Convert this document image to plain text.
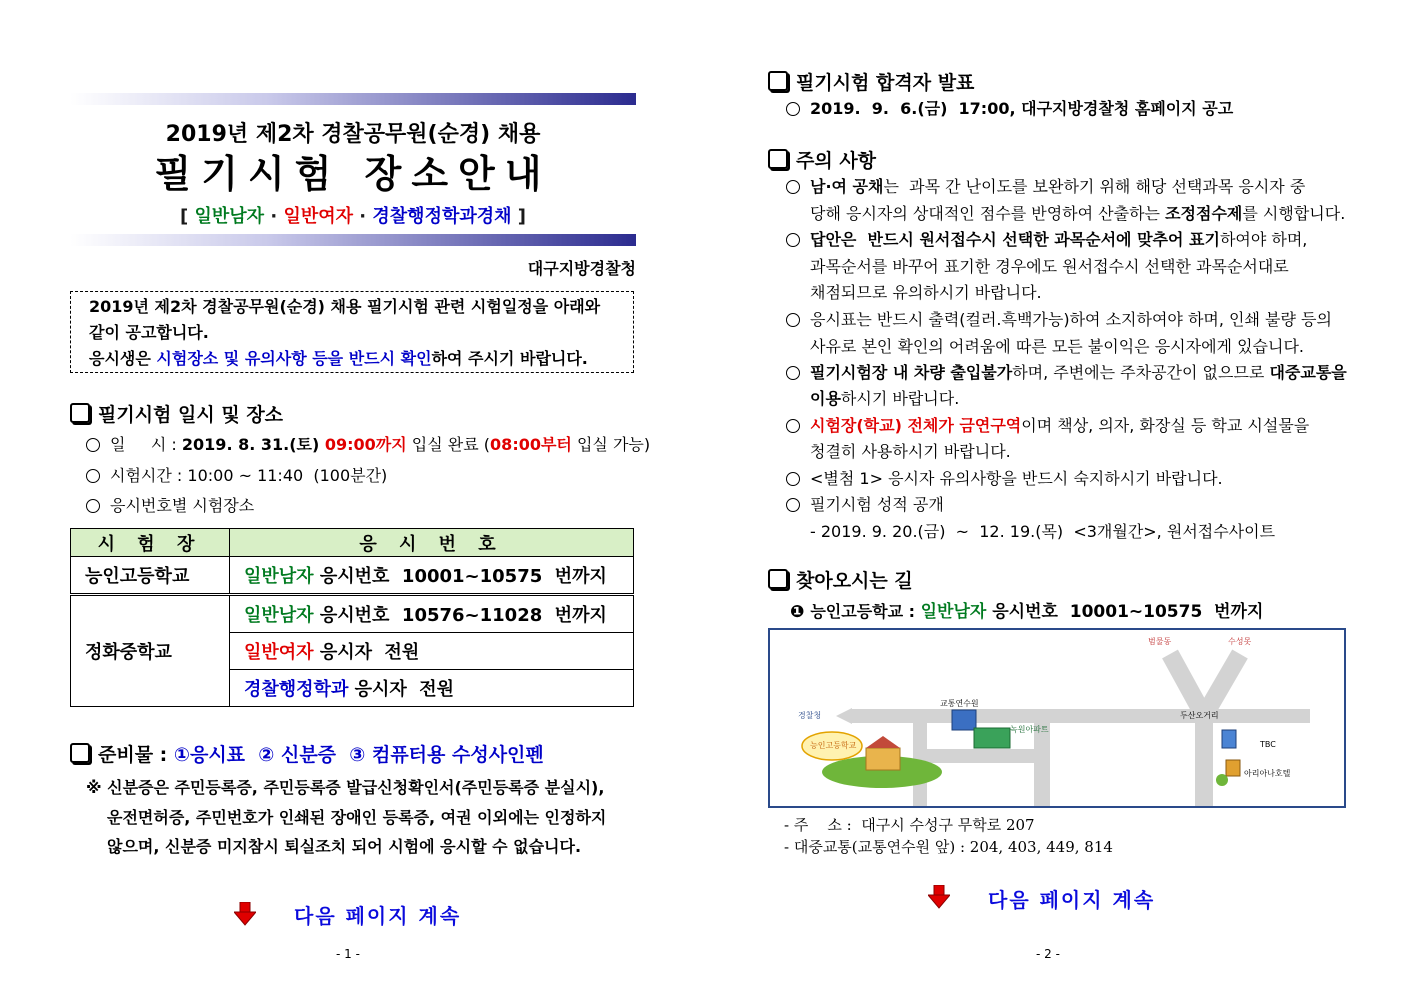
2019년 제2차 경찰공무원(순경) 채용
필기시험 장소안내
[ 일반남자 · 일반여자 · 경찰행정학과경채 ]
대구지방경찰청

2019년 제2차 경찰공무원(순경) 채용 필기시험 관련 시험일정을 아래와

같이 공고합니다.

응시생은 시험장소 및 유의사항 등을 반드시 확인하여 주시기 바랍니다.

필기시험 일시 및 장소
일     시 : 2019. 8. 31.(토) 09:00까지 입실 완료 (08:00부터 입실 가능)
시험시간 : 10:00 ~ 11:40  (100분간)
응시번호별 시험장소
시 험 장	응 시 번 호
능인고등학교	일반남자 응시번호  10001~10575  번까지
정화중학교	일반남자 응시번호  10576~11028  번까지
	일반여자 응시자  전원
	경찰행정학과 응시자  전원
준비물 : ①응시표  ② 신분증  ③ 컴퓨터용 수성사인펜
※ 신분증은 주민등록증, 주민등록증 발급신청확인서(주민등록증 분실시),
운전면허증, 주민번호가 인쇄된 장애인 등록증, 여권 이외에는 인정하지
않으며, 신분증 미지참시 퇴실조치 되어 시험에 응시할 수 없습니다.
다음 페이지 계속
- 1 -
필기시험 합격자 발표
2019.  9.  6.(금)  17:00, 대구지방경찰청 홈페이지 공고
주의 사항
남·여 공채는  과목 간 난이도를 보완하기 위해 해당 선택과목 응시자 중
당해 응시자의 상대적인 점수를 반영하여 산출하는 조정점수제를 시행합니다.
답안은  반드시 원서접수시 선택한 과목순서에 맞추어 표기하여야 하며,
과목순서를 바꾸어 표기한 경우에도 원서접수시 선택한 과목순서대로
채점되므로 유의하시기 바랍니다.
응시표는 반드시 출력(컬러.흑백가능)하여 소지하여야 하며, 인쇄 불량 등의
사유로 본인 확인의 어려움에 따른 모든 불이익은 응시자에게 있습니다.
필기시험장 내 차량 출입불가하며, 주변에는 주차공간이 없으므로 대중교통을
이용하시기 바랍니다.
시험장(학교) 전체가 금연구역이며 책상, 의자, 화장실 등 학교 시설물을
청결히 사용하시기 바랍니다.
<별첨 1> 응시자 유의사항을 반드시 숙지하시기 바랍니다.
필기시험 성적 공개
- 2019. 9. 20.(금)  ~  12. 19.(목)  <3개월간>, 원서접수사이트
찾아오시는 길
❶ 능인고등학교 : 일반남자 응시번호  10001~10575  번까지
범물동	수성못
경찰청
교통연수원
두산오거리
녹원아파트
능인고등학교	TBC
아리아나호텔
- 주    소 :  대구시 수성구 무학로 207
- 대중교통(교통연수원 앞) : 204, 403, 449, 814
다음 페이지 계속
- 2 -
